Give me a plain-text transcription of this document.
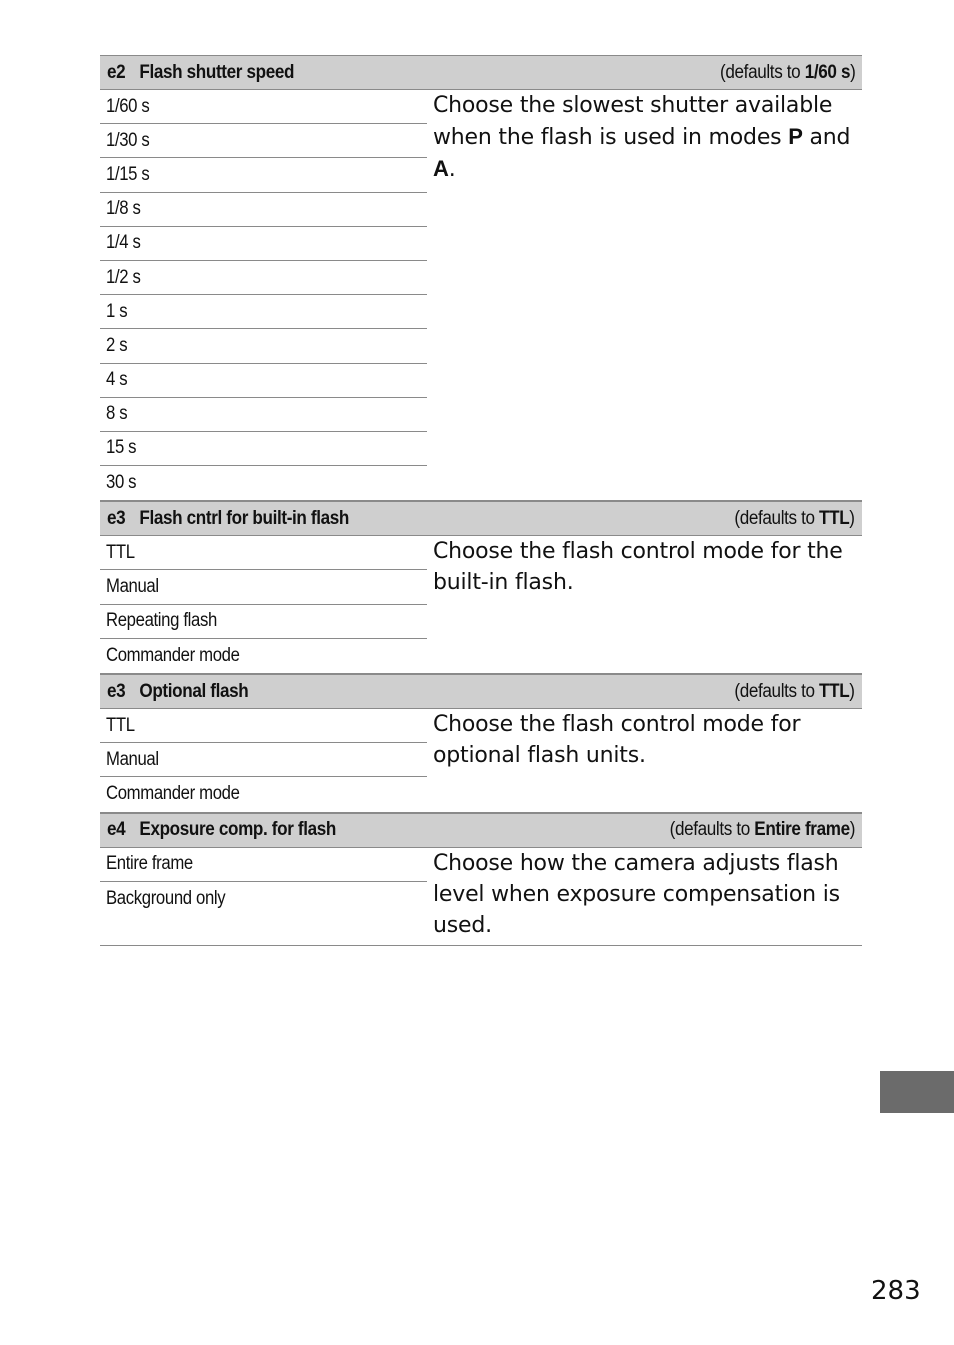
e2 Flash shutter speed	(defaults to 1/60 s)
1/60 s
1/30 s
1/15 s
1/8 s
1/4 s
1/2 s
1 s
2 s
4 s
8 s
15 s
30 s
Choose the slowest shutter available when the flash is used in modes P and A.
e3 Flash cntrl for built-in flash	(defaults to TTL)
TTL
Manual
Repeating flash
Commander mode
Choose the flash control mode for the built-in flash.
e3 Optional flash	(defaults to TTL)
TTL
Manual
Commander mode
Choose the flash control mode for optional flash units.
e4 Exposure comp. for flash	(defaults to Entire frame)
Entire frame
Background only
Choose how the camera adjusts flash level when exposure compensation is used.
283
